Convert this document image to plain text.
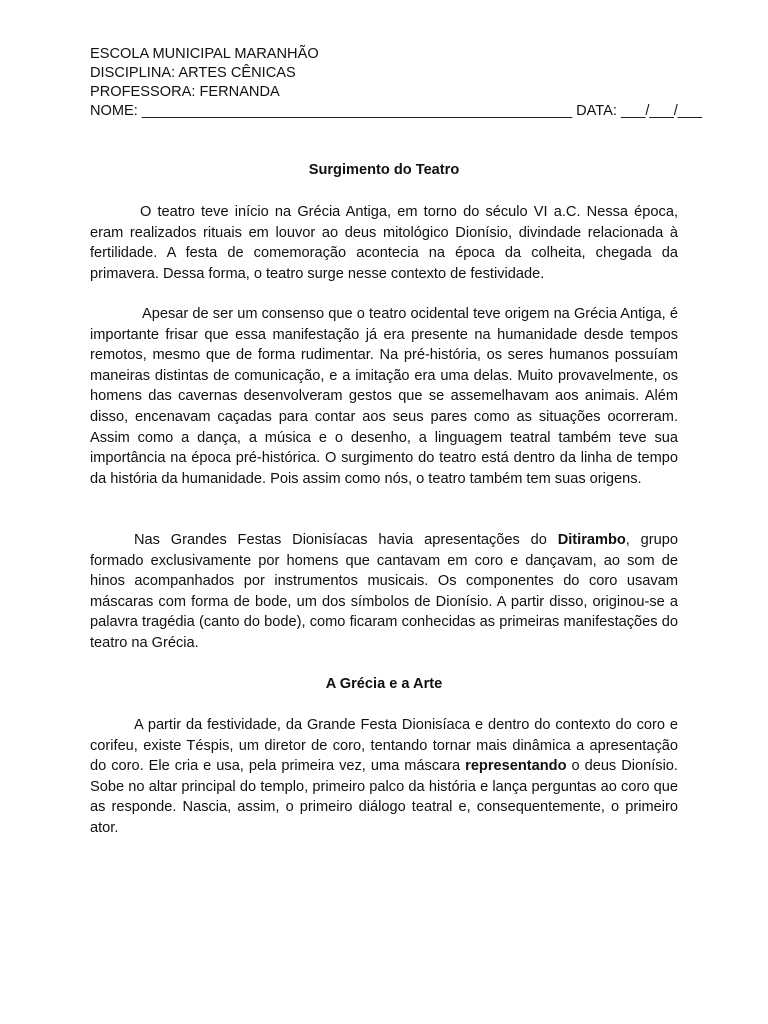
ESCOLA MUNICIPAL MARANHÃO
DISCIPLINA: ARTES CÊNICAS
PROFESSORA: FERNANDA
NOME: _____________________________________________________ DATA: ___/___/___
Surgimento do Teatro

O teatro teve início na Grécia Antiga, em torno do século VI a.C. Nessa época, eram realizados rituais em louvor ao deus mitológico Dionísio, divindade relacionada à fertilidade. A festa de comemoração acontecia na época da colheita, chegada da primavera. Dessa forma, o teatro surge nesse contexto de festividade.

Apesar de ser um consenso que o teatro ocidental teve origem na Grécia Antiga, é importante frisar que essa manifestação já era presente na humanidade desde tempos remotos, mesmo que de forma rudimentar. Na pré-história, os seres humanos possuíam maneiras distintas de comunicação, e a imitação era uma delas. Muito provavelmente, os homens das cavernas desenvolveram gestos que se assemelhavam aos animais. Além disso, encenavam caçadas para contar aos seus pares como as situações ocorreram. Assim como a dança, a música e o desenho, a linguagem teatral também teve sua importância na época pré-histórica. O surgimento do teatro está dentro da linha de tempo da história da humanidade. Pois assim como nós, o teatro também tem suas origens.

Nas Grandes Festas Dionisíacas havia apresentações do Ditirambo, grupo formado exclusivamente por homens que cantavam em coro e dançavam, ao som de hinos acompanhados por instrumentos musicais. Os componentes do coro usavam máscaras com forma de bode, um dos símbolos de Dionísio. A partir disso, originou-se a palavra tragédia (canto do bode), como ficaram conhecidas as primeiras manifestações do teatro na Grécia.

A Grécia e a Arte

A partir da festividade, da Grande Festa Dionisíaca e dentro do contexto do coro e corifeu, existe Téspis, um diretor de coro, tentando tornar mais dinâmica a apresentação do coro. Ele cria e usa, pela primeira vez, uma máscara representando o deus Dionísio. Sobe no altar principal do templo, primeiro palco da história e lança perguntas ao coro que as responde. Nascia, assim, o primeiro diálogo teatral e, consequentemente, o primeiro ator.
